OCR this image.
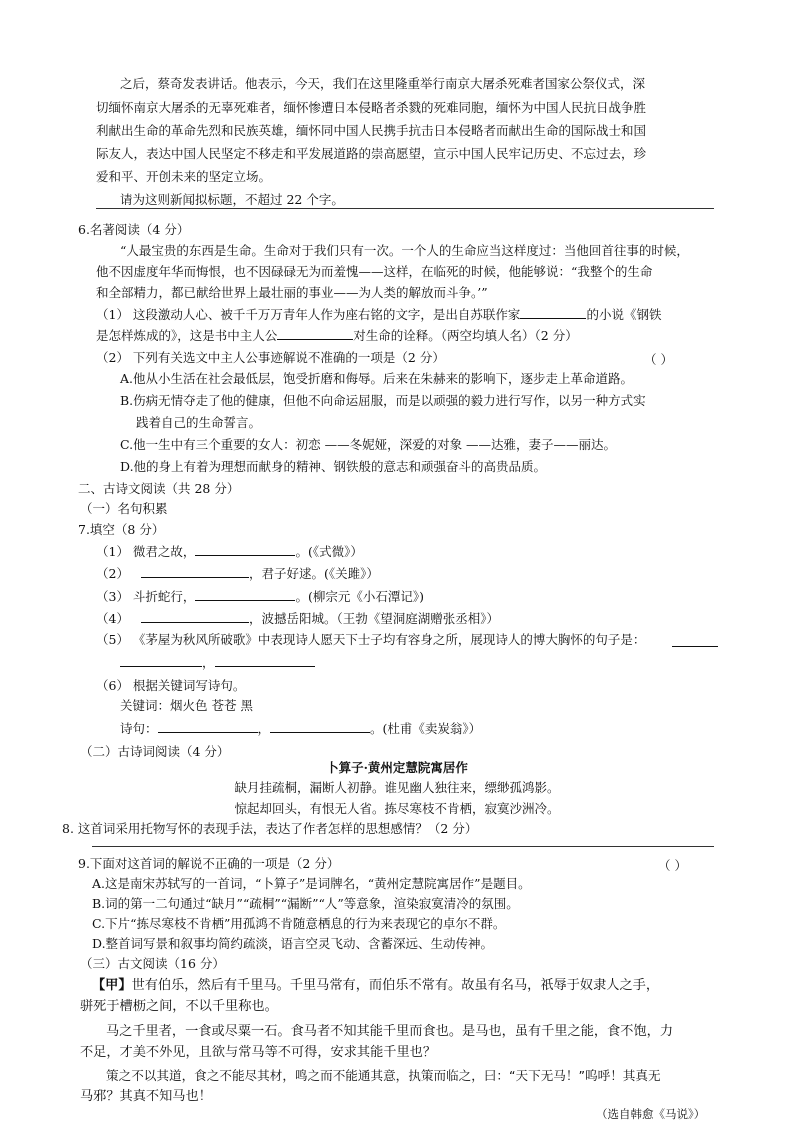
之后，蔡奇发表讲话。他表示，今天，我们在这里隆重举行南京大屠杀死难者国家公祭仪式，深
切缅怀南京大屠杀的无辜死难者，缅怀惨遭日本侵略者杀戮的死难同胞，缅怀为中国人民抗日战争胜
利献出生命的革命先烈和民族英雄，缅怀同中国人民携手抗击日本侵略者而献出生命的国际战士和国
际友人，表达中国人民坚定不移走和平发展道路的崇高愿望，宣示中国人民牢记历史、不忘过去，珍
爱和平、开创未来的坚定立场。
请为这则新闻拟标题，不超过 22 个字。
6.名著阅读（4 分）
“人最宝贵的东西是生命。生命对于我们只有一次。一个人的生命应当这样度过：当他回首往事的时候，
他不因虚度年华而悔恨，也不因碌碌无为而羞愧——这样，在临死的时候，他能够说：“我整个的生命
和全部精力，都已献给世界上最壮丽的事业——为人类的解放而斗争。’”
（1） 这段激动人心、被千千万万青年人作为座右铭的文字，是出自苏联作家	的小说《钢铁
是怎样炼成的》，这是书中主人公	对生命的诠释。（两空均填人名）（2 分）
（2） 下列有关选文中主人公事迹解说不准确的一项是（2 分）	（ ）
A.他从小生活在社会最低层，饱受折磨和侮辱。后来在朱赫来的影响下，逐步走上革命道路。
B.伤病无情夺走了他的健康，但他不向命运屈服，而是以顽强的毅力进行写作，以另一种方式实
践着自己的生命誓言。
C.他一生中有三个重要的女人：初恋 ——冬妮娅，深爱的对象 ——达雅，妻子——丽达。
D.他的身上有着为理想而献身的精神、钢铁般的意志和顽强奋斗的高贵品质。
二、古诗文阅读（共 28 分）
（一）名句积累
7.填空（8 分）
（1） 微君之故，	。(《式微》）
（2）	，君子好逑。(《关雎》）
（3） 斗折蛇行，	。(柳宗元《小石潭记》)
（4）	，波撼岳阳城。（王勃《望洞庭湖赠张丞相》）
（5） 《茅屋为秋风所破歌》中表现诗人愿天下士子均有容身之所，展现诗人的博大胸怀的句子是：
，
（6） 根据关键词写诗句。
关键词：烟火色 苍苍 黑
诗句：	，	。(杜甫《卖炭翁》）
（二）古诗词阅读（4 分）
卜算子·黄州定慧院寓居作
缺月挂疏桐，漏断人初静。谁见幽人独往来，缥缈孤鸿影。
惊起却回头，有恨无人省。拣尽寒枝不肯栖，寂寞沙洲冷。
8. 这首词采用托物写怀的表现手法，表达了作者怎样的思想感情？（2 分）
9.下面对这首词的解说不正确的一项是（2 分）	（ ）
A.这是南宋苏轼写的一首词，“卜算子”是词牌名，“黄州定慧院寓居作”是题目。
B.词的第一二句通过“缺月”“疏桐”“漏断”“人”等意象，渲染寂寞清冷的氛围。
C.下片“拣尽寒枝不肯栖”用孤鸿不肯随意栖息的行为来表现它的卓尔不群。
D.整首词写景和叙事均简约疏淡，语言空灵飞动、含蓄深远、生动传神。
（三）古文阅读（16 分）
【甲】世有伯乐，然后有千里马。千里马常有，而伯乐不常有。故虽有名马，祇辱于奴隶人之手，
骈死于槽枥之间，不以千里称也。
马之千里者，一食或尽粟一石。食马者不知其能千里而食也。是马也，虽有千里之能，食不饱，力
不足，才美不外见，且欲与常马等不可得，安求其能千里也？
策之不以其道，食之不能尽其材，鸣之而不能通其意，执策而临之，曰：“天下无马！”呜呼！其真无
马邪？其真不知马也！
（选自韩愈《马说》）
